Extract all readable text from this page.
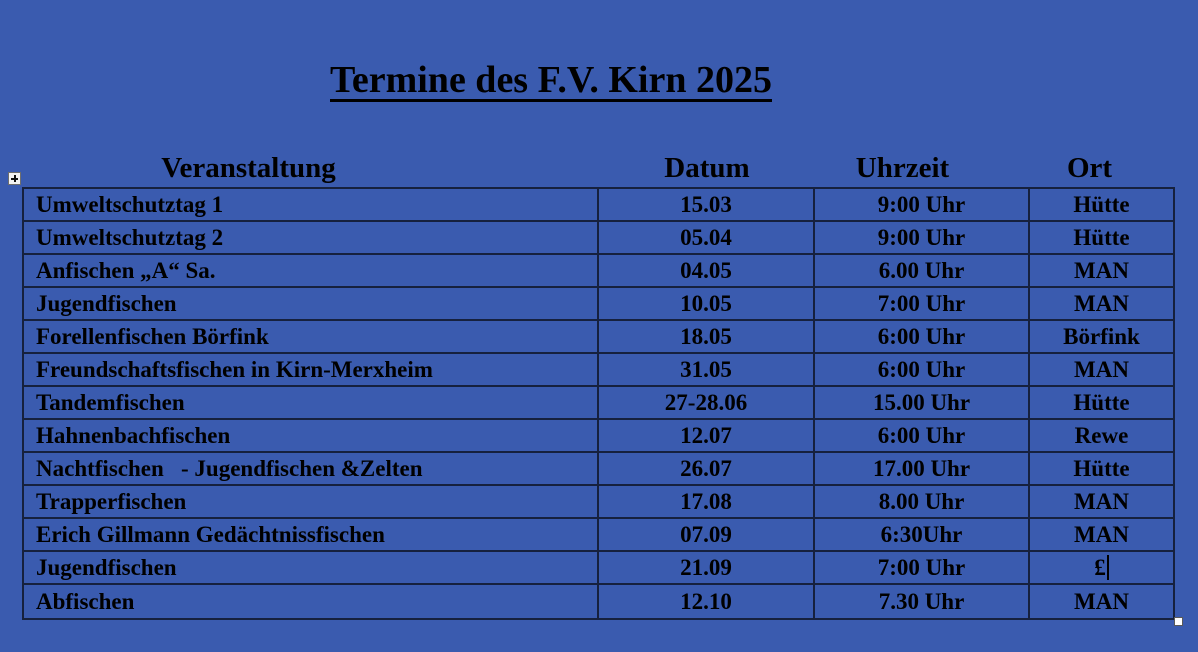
Termine des F.V. Kirn 2025
Veranstaltung	Datum	Uhrzeit	Ort
Umweltschutztag 1	15.03	9:00 Uhr	Hütte
Umweltschutztag 2	05.04	9:00 Uhr	Hütte
Anfischen „A“ Sa.	04.05	6.00 Uhr	MAN
Jugendfischen	10.05	7:00 Uhr	MAN
Forellenfischen Börfink	18.05	6:00 Uhr	Börfink
Freundschaftsfischen in Kirn-Merxheim	31.05	6:00 Uhr	MAN
Tandemfischen	27-28.06	15.00 Uhr	Hütte
Hahnenbachfischen	12.07	6:00 Uhr	Rewe
Nachtfischen   - Jugendfischen &Zelten	26.07	17.00 Uhr	Hütte
Trapperfischen	17.08	8.00 Uhr	MAN
Erich Gillmann Gedächtnissfischen	07.09	6:30Uhr	MAN
Jugendfischen	21.09	7:00 Uhr	£
Abfischen	12.10	7.30 Uhr	MAN
